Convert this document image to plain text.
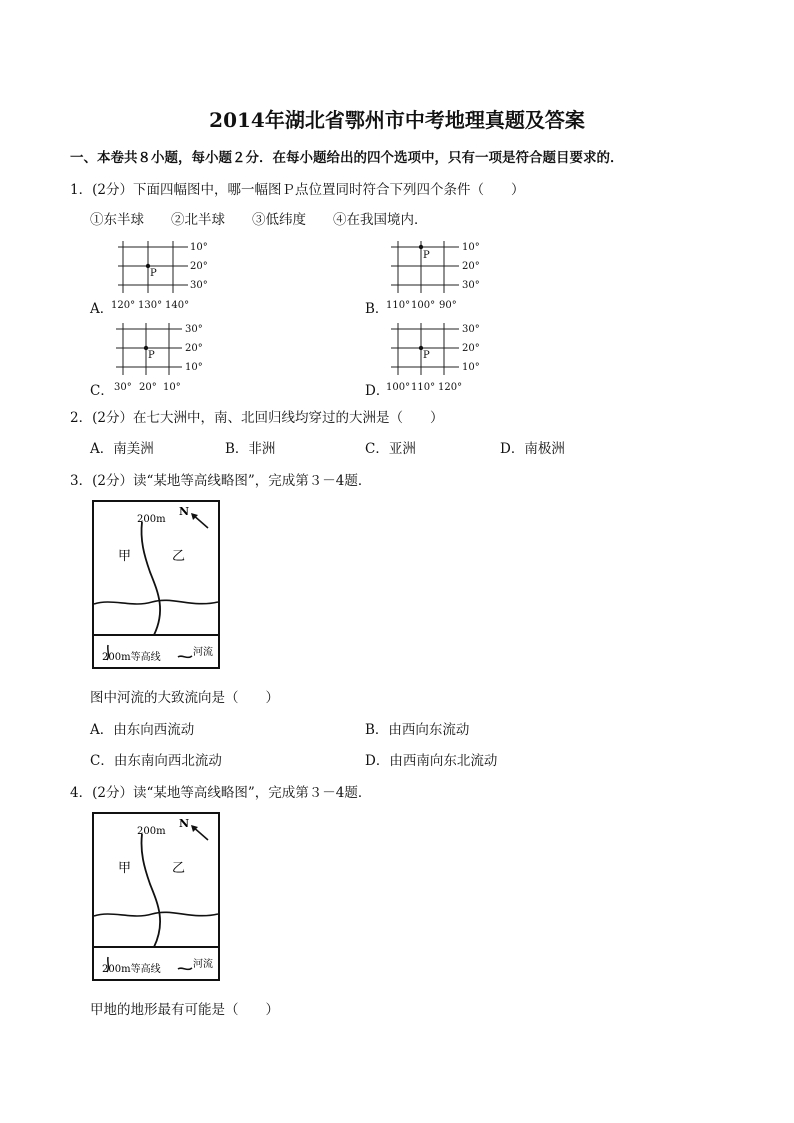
2014年湖北省鄂州市中考地理真题及答案
一、本卷共８小题，每小题２分．在每小题给出的四个选项中，只有一项是符合题目要求的．
1．(2分）下面四幅图中，哪一幅图Ｐ点位置同时符合下列四个条件（　　）
①东半球　　②北半球　　③低纬度　　④在我国境内．
A．
P
10°
20°
30°
120° 130° 140°	B．
P
10°
20°
30°
110° 100° 90°
C．
P
30°
20°
10°
30° 20° 10°	D．
P
30°
20°
10°
100° 110° 120°
2．(2分）在七大洲中，南、北回归线均穿过的大洲是（　　）
A．南美洲	B．非洲	C．亚洲	D．南极洲
3．(2分）读“某地等高线略图”，完成第３－4题．
200m
N
甲	乙
200m等高线	河流
图中河流的大致流向是（　　）
A．由东向西流动	B．由西向东流动
C．由东南向西北流动	D．由西南向东北流动
4．(2分）读“某地等高线略图”，完成第３－4题．
200m
N
甲	乙
200m等高线	河流
甲地的地形最有可能是（　　）
